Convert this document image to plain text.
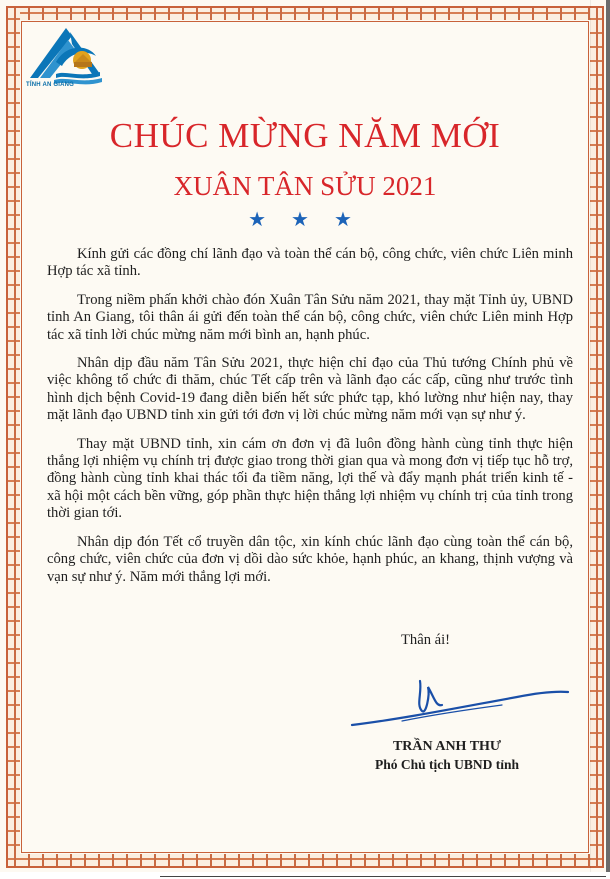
TỈNH AN GIANG
CHÚC MỪNG NĂM MỚI
XUÂN TÂN SỬU 2021
★ ★ ★

Kính gửi các đồng chí lãnh đạo và toàn thể cán bộ, công chức, viên chức Liên minh Hợp tác xã tỉnh.

Trong niềm phấn khởi chào đón Xuân Tân Sửu năm 2021, thay mặt Tỉnh ủy, UBND tỉnh An Giang, tôi thân ái gửi đến toàn thể cán bộ, công chức, viên chức Liên minh Hợp tác xã tỉnh lời chúc mừng năm mới bình an, hạnh phúc.

Nhân dịp đầu năm Tân Sửu 2021, thực hiện chỉ đạo của Thủ tướng Chính phủ về việc không tổ chức đi thăm, chúc Tết cấp trên và lãnh đạo các cấp, cũng như trước tình hình dịch bệnh Covid-19 đang diễn biến hết sức phức tạp, khó lường như hiện nay, thay mặt lãnh đạo UBND tỉnh xin gửi tới đơn vị lời chúc mừng năm mới vạn sự như ý.

Thay mặt UBND tỉnh, xin cám ơn đơn vị đã luôn đồng hành cùng tỉnh thực hiện thắng lợi nhiệm vụ chính trị được giao trong thời gian qua và mong đơn vị tiếp tục hỗ trợ, đồng hành cùng tỉnh khai thác tối đa tiềm năng, lợi thế và đẩy mạnh phát triển kinh tế - xã hội một cách bền vững, góp phần thực hiện thắng lợi nhiệm vụ chính trị của tỉnh trong thời gian tới.

Nhân dịp đón Tết cổ truyền dân tộc, xin kính chúc lãnh đạo cùng toàn thể cán bộ, công chức, viên chức của đơn vị dồi dào sức khỏe, hạnh phúc, an khang, thịnh vượng và vạn sự như ý. Năm mới thắng lợi mới.

Thân ái!
TRẦN ANH THƯ
Phó Chủ tịch UBND tỉnh
